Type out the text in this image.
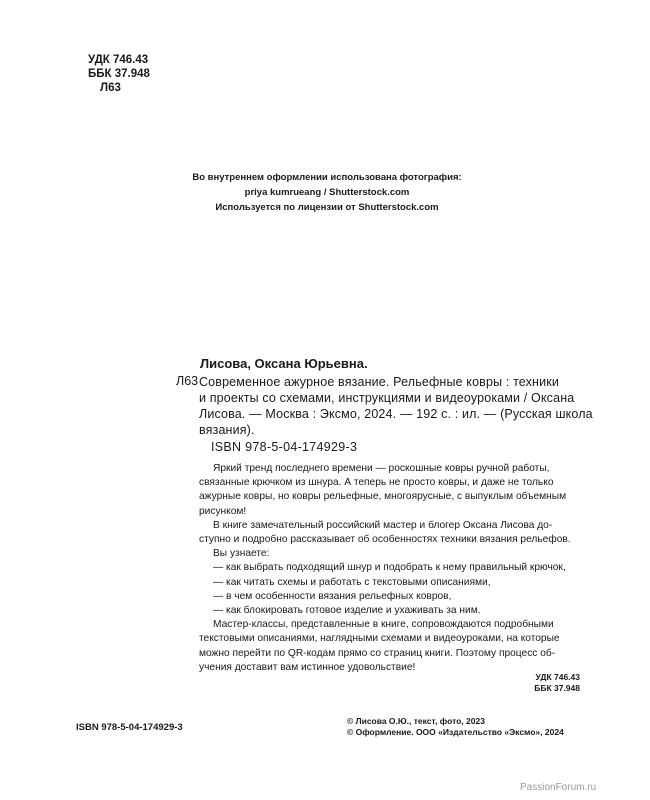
УДК 746.43
ББК 37.948
Л63
Во внутреннем оформлении использована фотография:
priya kumrueang / Shutterstock.com
Используется по лицензии от Shutterstock.com
Лисова, Оксана Юрьевна.
Л63 Современное ажурное вязание. Рельефные ковры : техники
и проекты со схемами, инструкциями и видеоуроками / Оксана
Лисова. — Москва : Эксмо, 2024. — 192 с. : ил. — (Русская школа
вязания).
ISBN 978-5-04-174929-3
Яркий тренд последнего времени — роскошные ковры ручной работы,
связанные крючком из шнура. А теперь не просто ковры, и даже не только
ажурные ковры, но ковры рельефные, многоярусные, с выпуклым объемным
рисунком!
В книге замечательный российский мастер и блогер Оксана Лисова до-
ступно и подробно рассказывает об особенностях техники вязания рельефов.
Вы узнаете:
— как выбрать подходящий шнур и подобрать к нему правильный крючок,
— как читать схемы и работать с текстовыми описаниями,
— в чем особенности вязания рельефных ковров,
— как блокировать готовое изделие и ухаживать за ним.
Мастер-классы, представленные в книге, сопровождаются подробными
текстовыми описаниями, наглядными схемами и видеоуроками, на которые
можно перейти по QR-кодам прямо со страниц книги. Поэтому процесс об-
учения доставит вам истинное удовольствие!
УДК 746.43
ББК 37.948
ISBN 978-5-04-174929-3
© Лисова О.Ю., текст, фото, 2023
© Оформление. ООО «Издательство «Эксмо», 2024
PassionForum.ru
